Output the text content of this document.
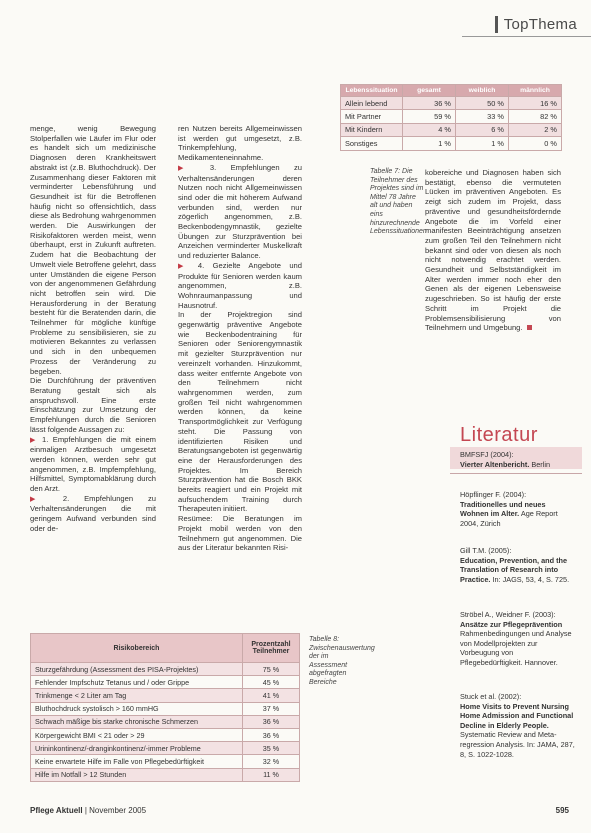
TopThema
Lebenssituation	gesamt	weiblich	männlich
Allein lebend	36 %	50 %	16 %
Mit Partner	59 %	33 %	82 %
Mit Kindern	4 %	6 %	2 %
Sonstiges	1 %	1 %	0 %

menge, wenig Bewegung Stolperfallen wie Läufer im Flur oder es handelt sich um medizinische Diagnosen deren Krankheitswert abstrakt ist (z.B. Bluthochdruck). Der Zusammenhang dieser Faktoren mit verminderter Lebensführung und Gesundheit ist für die Betroffenen häufig nicht so offensichtlich, dass diese als Bedrohung wahrgenommen werden. Die Auswirkungen der Risikofaktoren werden meist, wenn überhaupt, erst in Zukunft auftreten. Zudem hat die Beobachtung der Umwelt viele Betroffene gelehrt, dass unter Umständen die eigene Person von der angenommenen Gefährdung nicht betroffen sein wird. Die Herausforderung in der Beratung besteht für die Beratenden darin, die Teilnehmer für mögliche künftige Probleme zu sensibilisieren, sie zu motivieren Bekanntes zu verlassen und sich in den unbequemen Prozess der Veränderung zu begeben.

Die Durchführung der präventiven Beratung gestalt sich als anspruchsvoll. Eine erste Einschätzung zur Umsetzung der Empfehlungen durch die Senioren lässt folgende Aussagen zu:

▶ 1. Empfehlungen die mit einem einmaligen Arztbesuch umgesetzt werden können, werden sehr gut angenommen, z.B. Impfempfehlung, Hilfsmittel, Symptomabklärung durch den Arzt.

▶ 2. Empfehlungen zu Verhaltensänderungen die mit geringem Aufwand verbunden sind oder de-

ren Nutzen bereits Allgemeinwissen ist werden gut umgesetzt, z.B. Trinkempfehlung, Medikamenteneinnahme.

▶ 3. Empfehlungen zu Verhaltensänderungen deren Nutzen noch nicht Allgemeinwissen sind oder die mit höherem Aufwand verbunden sind, werden nur zögerlich angenommen, z.B. Beckenbodengymnastik, gezielte Übungen zur Sturzprävention bei Anzeichen verminderter Muskelkraft und reduzierter Balance.

▶ 4. Gezielte Angebote und Produkte für Senioren werden kaum angenommen, z.B. Wohnraumanpassung und Hausnotruf.

In der Projektregion sind gegenwärtig präventive Angebote wie Beckenbodentraining für Senioren oder Seniorengymnastik mit gezielter Sturzprävention nur vereinzelt vorhanden. Hinzukommt, dass weiter entfernte Angebote von den Teilnehmern nicht wahrgenommen werden, zum großen Teil nicht wahrgenommen werden können, da keine Transportmöglichkeit zur Verfügung steht. Die Passung von identifizierten Risiken und Beratungsangeboten ist gegenwärtig eine der Herausforderungen des Projektes. Im Bereich Sturzprävention hat die Bosch BKK bereits reagiert und ein Projekt mit aufsuchendem Training durch Therapeuten initiiert.

Resümee: Die Beratungen im Projekt mobil werden von den Teilnehmern gut angenommen. Die aus der Literatur bekannten Risi-

Tabelle 7: Die Teilnehmer des Projektes sind im Mittel 78 Jahre alt und haben eins hinzurechnende Lebenssituationen

kobereiche und Diagnosen haben sich bestätigt, ebenso die vermuteten Lücken im präventiven Angeboten. Es zeigt sich zudem im Projekt, dass präventive und gesundheitsfördernde Angebote die im Vorfeld einer manifesten Beeinträchtigung ansetzen zum großen Teil den Teilnehmern nicht bekannt sind oder von diesen als noch nicht notwendig erachtet werden. Gesundheit und Selbstständigkeit im Alter werden immer noch eher den Genen als der eigenen Lebensweise zugeschrieben. So ist häufig der erste Schritt im Projekt die Problemsensibilisierung von Teilnehmern und Umgebung.

Risikobereich	Prozentzahl Teilnehmer
Sturzgefährdung (Assessment des PISA-Projektes)	75 %
Fehlender Impfschutz Tetanus und / oder Grippe	45 %
Trinkmenge < 2 Liter am Tag	41 %
Bluthochdruck systolisch > 160 mmHG	37 %
Schwach mäßige bis starke chronische Schmerzen	36 %
Körpergewicht BMI < 21 oder > 29	36 %
Urininkontinenz/-dranginkontinenz/-immer Probleme	35 %
Keine erwartete Hilfe im Falle von Pflegebedürftigkeit	32 %
Hilfe im Notfall > 12 Stunden	11 %
Tabelle 8: Zwischenauswertung der im Assessment abgefragten Bereiche
Literatur
BMFSFJ (2004):
Vierter Altenbericht. Berlin
Höpflinger F. (2004):
Traditionelles und neues Wohnen im Alter. Age Report 2004, Zürich
Gill T.M. (2005):
Education, Prevention, and the Translation of Research into Practice. In: JAGS, 53, 4, S. 725.
Ströbel A., Weidner F. (2003):
Ansätze zur Pflegeprävention Rahmenbedingungen und Analyse von Modellprojekten zur Vorbeugung von Pflegebedürftigkeit. Hannover.
Stuck et al. (2002):
Home Visits to Prevent Nursing Home Admission and Functional Decline in Elderly People. Systematic Review and Meta-regression Analysis. In: JAMA, 287, 8, S. 1022-1028.
Pflege Aktuell | November 2005	595
